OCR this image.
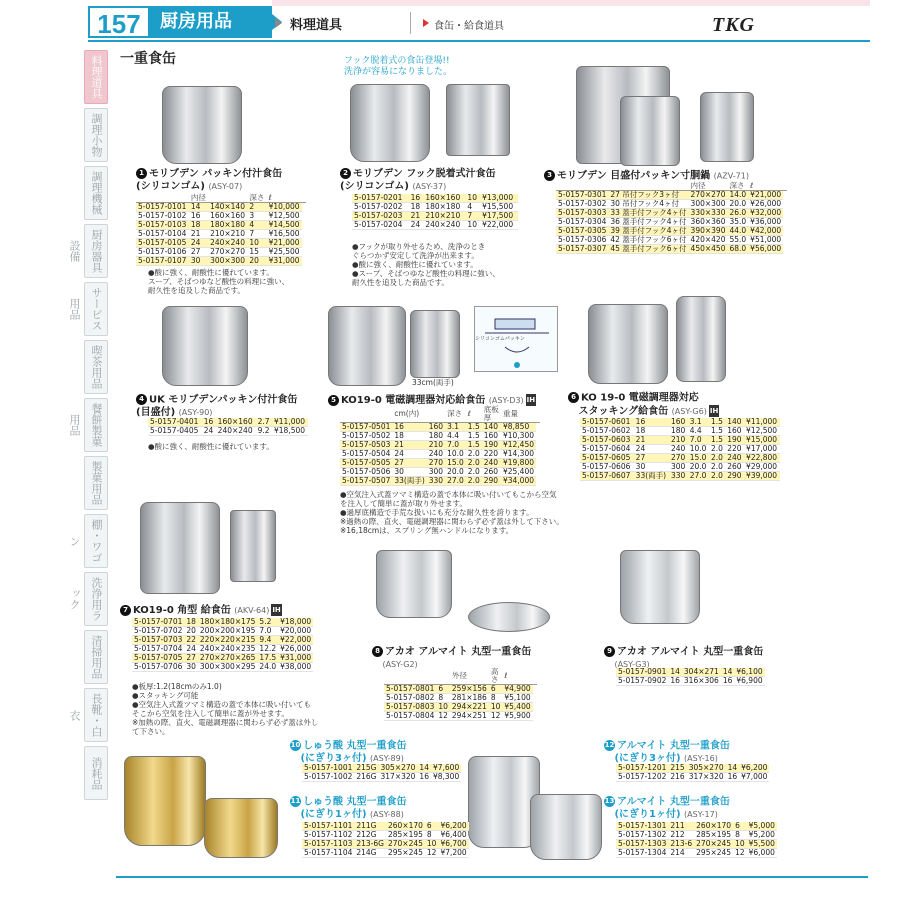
157	厨房用品	料理道具	食缶・給食道具	TKG
一重食缶
料理道具
調理小物
調理機械
厨房器具設備
サービス用品
喫茶用品
餐餅製菓用品
製菓用品
棚・ワゴン
洗浄用ラック
清掃用品
長靴・白衣
消耗品
フック脱着式の食缶登場!!
洗浄が容易になりました。
33cm(両手)
シリコンゴムパッキン
1 モリブデン パッキン付汁食缶
(シリコンゴム) (ASY-07)
	内径		深さ	ℓ	
5-0157-0101	14	140×140	2	¥10,000	
5-0157-0102	16	160×160	3	¥12,500	
5-0157-0103	18	180×180	4	¥14,500	
5-0157-0104	21	210×210	7	¥16,500	
5-0157-0105	24	240×240	10	¥21,000	
5-0157-0106	27	270×270	15	¥25,500	
5-0157-0107	30	300×300	20	¥31,000	
●酸に強く、耐酸性に優れています。
スープ、そばつゆなど酸性の料理に強い、
耐久性を追及した商品です。
2 モリブデン フック脱着式汁食缶
(シリコンゴム) (ASY-37)
5-0157-0201	16	160×160	10	¥13,000
5-0157-0202	18	180×180	4	¥15,500
5-0157-0203	21	210×210	7	¥17,500
5-0157-0204	24	240×240	10	¥22,000
●フックが取り外せるため、洗浄のとき
ぐらつかず安定して洗浄が出来ます。
●酸に強く、耐酸性に優れています。
●スープ、そばつゆなど酸性の料理に強い、
耐久性を追及した商品です。
3 モリブデン 目盛付パッキン寸胴鍋 (AZV-71)
		内径	深さ	ℓ	
5-0157-0301	27 吊付フック3ヶ付	270×270	14.0	¥21,000	
5-0157-0302	30 吊付フック4ヶ付	300×300	20.0	¥26,000	
5-0157-0303	33 蓋手付フック4ヶ付	330×330	26.0	¥32,000	
5-0157-0304	36 蓋手付フック4ヶ付	360×360	35.0	¥36,000	
5-0157-0305	39 蓋手付フック4ヶ付	390×390	44.0	¥42,000	
5-0157-0306	42 蓋手付フック6ヶ付	420×420	55.0	¥51,000	
5-0157-0307	45 蓋手付フック6ヶ付	450×450	68.0	¥56,000	
4 UK モリブデンパッキン付汁食缶
(目盛付) (ASY-90)
5-0157-0401	16	160×160	2.7	¥11,000
5-0157-0405	24	240×240	9.2	¥18,500
●酸に強く、耐酸性に優れています。
5 KO19-0 電磁調理器対応給食缶 (ASY-D3) IH
	cm(内)		深さ	ℓ	底板厚	重量	
5-0157-0501	16	160	3.1	1.5	140	¥8,850	
5-0157-0502	18	180	4.4	1.5	160	¥10,300	
5-0157-0503	21	210	7.0	1.5	190	¥12,450	
5-0157-0504	24	240	10.0	2.0	220	¥14,300	
5-0157-0505	27	270	15.0	2.0	240	¥19,800	
5-0157-0506	30	300	20.0	2.0	260	¥25,400	
5-0157-0507	33(両手)	330	27.0	2.0	290	¥34,000	
●空気注入式蓋ツマミ構造の蓋で本体に吸い付いてもこから空気
を注入して簡単に蓋が取り外せます。
●過厚底構造で手荒な扱いにも充分な耐久性を誇ります。
※過熱の際、直火、電磁調理器に関わらず必ず蓋は外して下さい。
※16,18cmは、スプリング無ハンドルになります。
6 KO 19-0 電磁調理器対応
スタッキング給食缶 (ASY-G6) IH
5-0157-0601	16	160	3.1	1.5	140	¥11,000
5-0157-0602	18	180	4.4	1.5	160	¥12,500
5-0157-0603	21	210	7.0	1.5	190	¥15,000
5-0157-0604	24	240	10.0	2.0	220	¥17,000
5-0157-0605	27	270	15.0	2.0	240	¥22,800
5-0157-0606	30	300	20.0	2.0	260	¥29,000
5-0157-0607	33(両手)	330	27.0	2.0	290	¥39,000
7 KO19-0 角型 給食缶 (AKV-64) IH
5-0157-0701	18	180×180×175	5.2	¥18,000
5-0157-0702	20	200×200×195	7.0	¥20,000
5-0157-0703	22	220×220×215	9.4	¥22,000
5-0157-0704	24	240×240×235	12.2	¥26,000
5-0157-0705	27	270×270×265	17.5	¥31,000
5-0157-0706	30	300×300×295	24.0	¥38,000
●板厚:1.2(18cmのみ1.0)
●スタッキング可能
●空気注入式蓋ツマミ構造の蓋で本体に吸い付いても
そこから空気を注入して簡単に蓋が外せます。
※加熱の際、直火、電磁調理器に関わらず必ず蓋は外し
て下さい。
8 アカオ アルマイト 丸型一重食缶
(ASY-G2)
		外径	高さ	ℓ	
5-0157-0801	6	259×156	6	¥4,900	
5-0157-0802	8	281×186	8	¥5,100	
5-0157-0803	10	294×221	10	¥5,400	
5-0157-0804	12	294×251	12	¥5,900	
9 アカオ アルマイト 丸型一重食缶
(ASY-G3)
5-0157-0901	14	304×271	14	¥6,100
5-0157-0902	16	316×306	16	¥6,900
10 しゅう酸 丸型一重食缶
(にぎり3ヶ付) (ASY-89)
5-0157-1001	215G	305×270	14	¥7,600
5-0157-1002	216G	317×320	16	¥8,300
11 しゅう酸 丸型一重食缶
(にぎり1ヶ付) (ASY-88)
5-0157-1101	211G	260×170	6	¥6,200
5-0157-1102	212G	285×195	8	¥6,400
5-0157-1103	213-6G	270×245	10	¥6,700
5-0157-1104	214G	295×245	12	¥7,200
12 アルマイト 丸型一重食缶
(にぎり3ヶ付) (ASY-16)
5-0157-1201	215	305×270	14	¥6,200
5-0157-1202	216	317×320	16	¥7,000
13 アルマイト 丸型一重食缶
(にぎり1ヶ付) (ASY-17)
5-0157-1301	211	260×170	6	¥5,000
5-0157-1302	212	285×195	8	¥5,200
5-0157-1303	213-6	270×245	10	¥5,500
5-0157-1304	214	295×245	12	¥6,000
